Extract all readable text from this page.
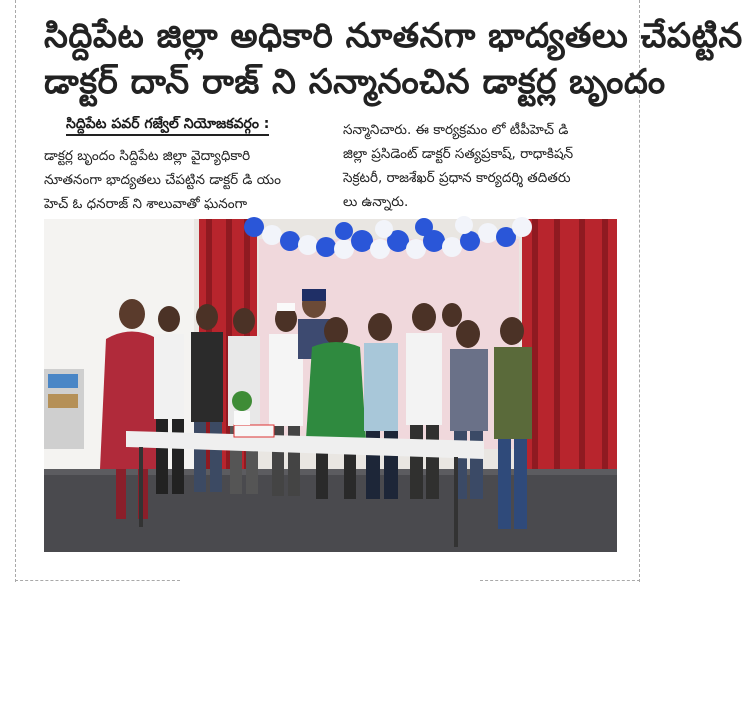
సిద్దిపేట జిల్లా అధికారి నూతనగా భాద్యతలు చేపట్టిన
డాక్టర్ దాన్ రాజ్ ని సన్మానంచిన డాక్టర్ల బృందం
సిద్దిపేట పవర్ గజ్వేల్ నియోజకవర్గం :
డాక్టర్ల బృందం సిద్దిపేట జిల్లా వైద్యాధికారి
నూతనంగా భాద్యతలు చేపట్టిన డాక్టర్ డి యం
హెచ్ ఓ ధనరాజ్ ని శాలువాతో ఘనంగా
సన్మానిచారు. ఈ కార్యక్రమం లో టీపీహెచ్ డి
జిల్లా ప్రసిడెంట్ డాక్టర్ సత్యప్రకాష్, రాధాకిషన్
సెక్రటరీ, రాజశేఖర్ ప్రధాన కార్యదర్శి తదితరు
లు ఉన్నారు.
